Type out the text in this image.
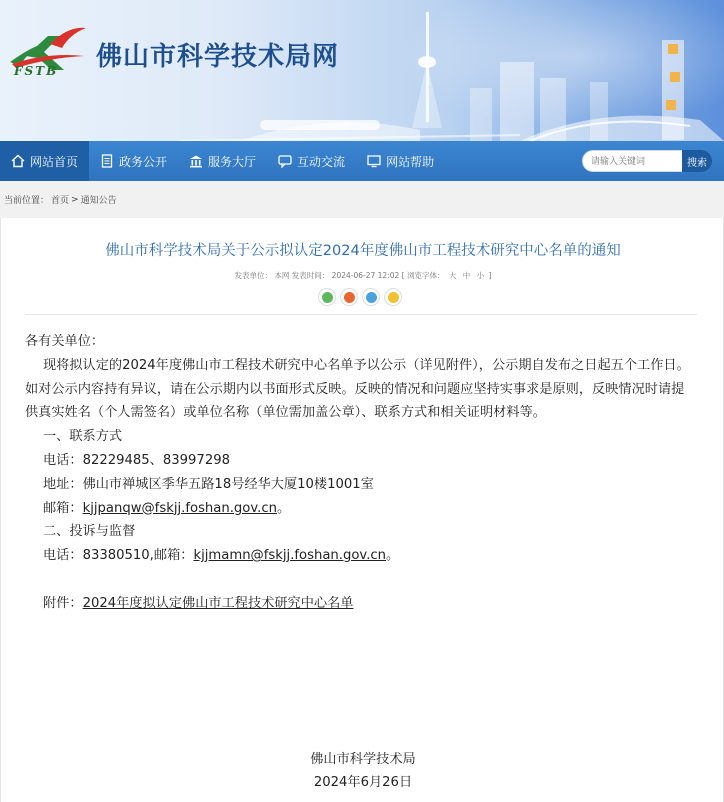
FSTB 佛山市科学技术局网
网站首页	政务公开	服务大厅	互动交流	网站帮助
请输入关键词	搜索
当前位置： 首页 > 通知公告
佛山市科学技术局关于公示拟认定2024年度佛山市工程技术研究中心名单的通知
发表单位： 本网 发表时间： 2024-06-27 12:02 [ 浏览字体： 大 中 小 ]

各有关单位：

现将拟认定的2024年度佛山市工程技术研究中心名单予以公示（详见附件），公示期自发布之日起五个工作日。如对公示内容持有异议，请在公示期内以书面形式反映。反映的情况和问题应坚持实事求是原则，反映情况时请提供真实姓名（个人需签名）或单位名称（单位需加盖公章）、联系方式和相关证明材料等。

一、联系方式

电话：82229485、83997298

地址：佛山市禅城区季华五路18号经华大厦10楼1001室

邮箱：kjjpanqw@fskjj.foshan.gov.cn。

二、投诉与监督

电话：83380510,邮箱：kjjmamn@fskjj.foshan.gov.cn。

附件：2024年度拟认定佛山市工程技术研究中心名单

佛山市科学技术局
2024年6月26日
